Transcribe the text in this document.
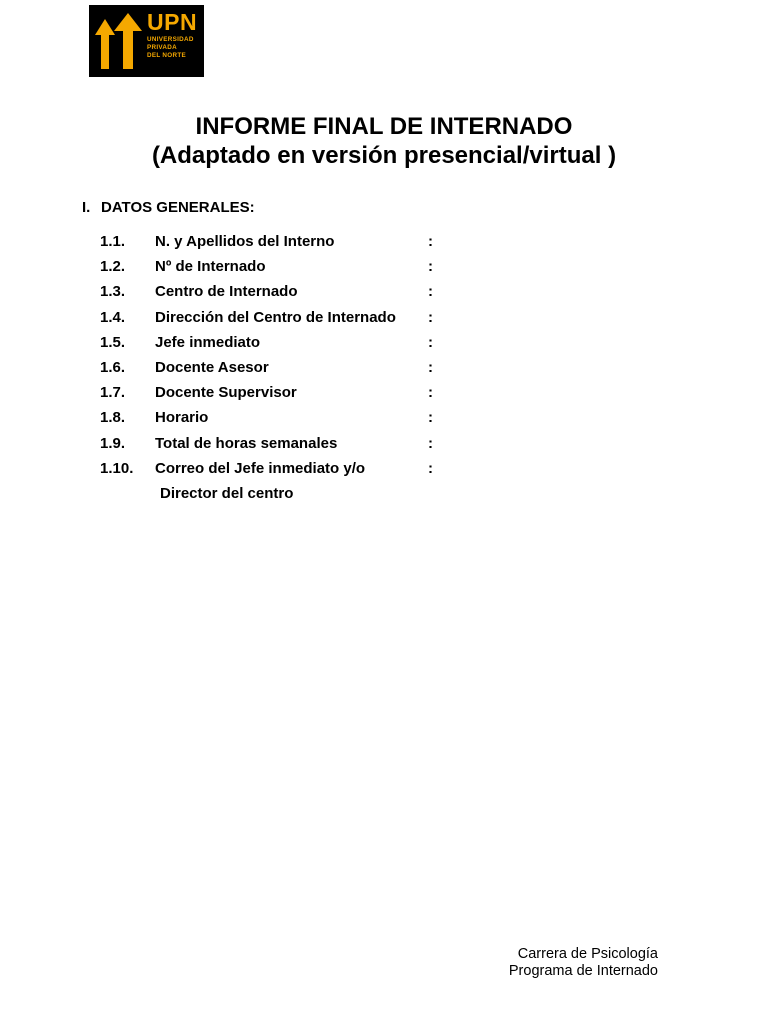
UPN
UNIVERSIDAD
PRIVADA
DEL NORTE
INFORME FINAL DE INTERNADO
(Adaptado en versión presencial/virtual )
I. DATOS GENERALES:
1.1. N. y Apellidos del Interno	:
1.2. Nº de Internado	:
1.3. Centro de Internado	:
1.4. Dirección del Centro de Internado :
1.5. Jefe inmediato	:
1.6. Docente Asesor	:
1.7. Docente Supervisor	:
1.8. Horario	:
1.9. Total de horas semanales	:
1.10. Correo del Jefe inmediato y/o	:
Director del centro
Carrera de Psicología
Programa de Internado
